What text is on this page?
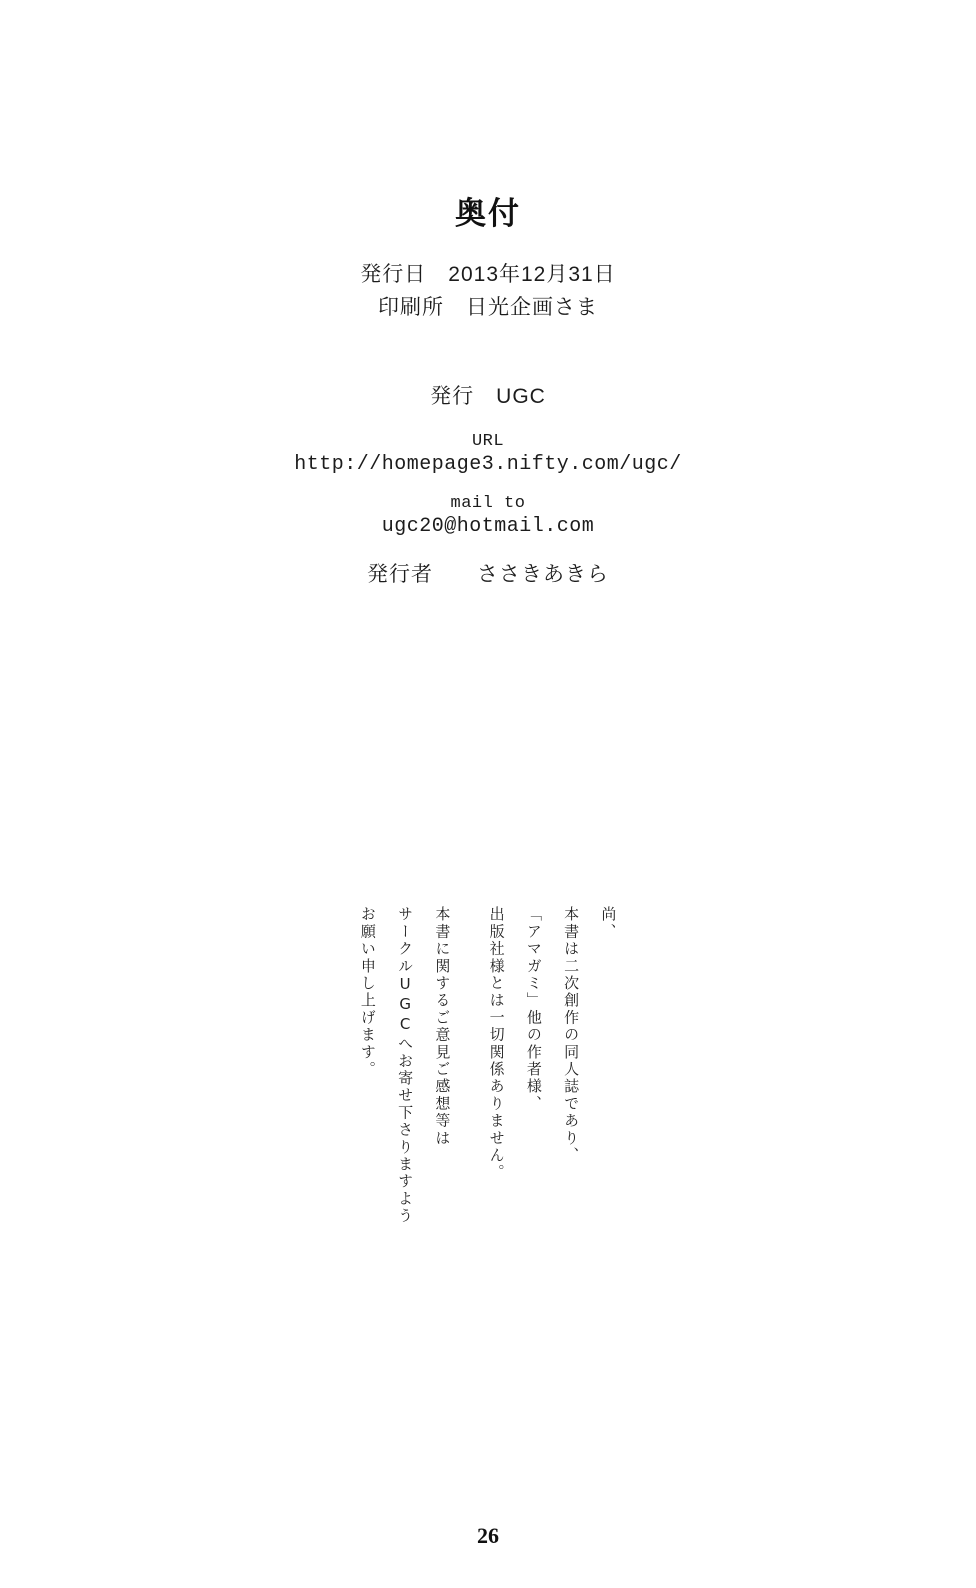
奥付
発行日　2013年12月31日
印刷所　日光企画さま
発行　UGC
URL
http://homepage3.nifty.com/ugc/
mail to
ugc20@hotmail.com
発行者　　ささきあきら
尚、
本書は二次創作の同人誌であり、
「アマガミ」他の作者様、
出版社様とは一切関係ありません。
本書に関するご意見ご感想等は
サークルUGCへお寄せ下さりますよう
お願い申し上げます。
26
